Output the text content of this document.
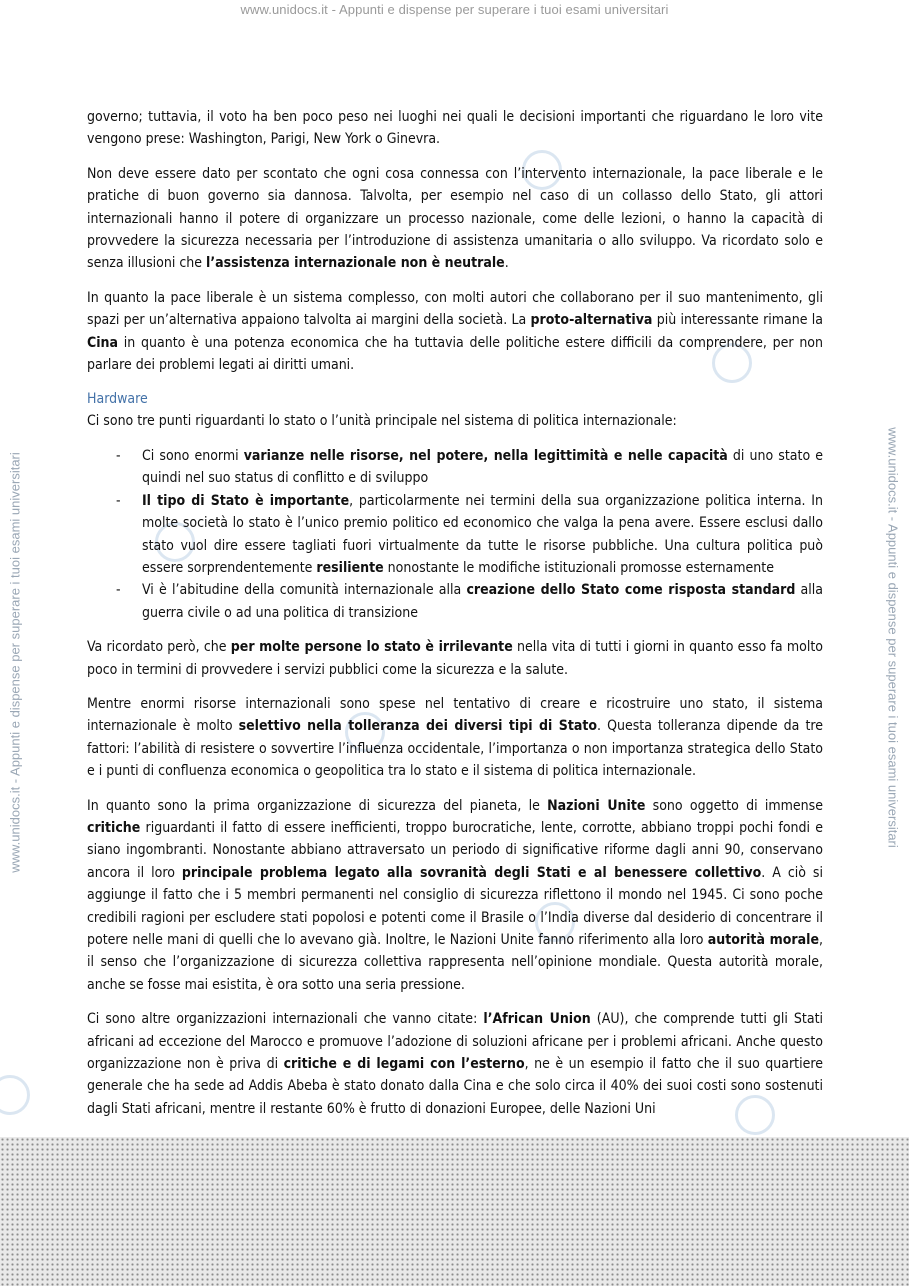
www.unidocs.it - Appunti e dispense per superare i tuoi esami universitari
www.unidocs.it - Appunti e dispense per superare i tuoi esami universitari	www.unidocs.it - Appunti e dispense per superare i tuoi esami universitari

governo; tuttavia, il voto ha ben poco peso nei luoghi nei quali le decisioni importanti che riguardano le loro vite vengono prese: Washington, Parigi, New York o Ginevra.

Non deve essere dato per scontato che ogni cosa connessa con l’intervento internazionale, la pace liberale e le pratiche di buon governo sia dannosa. Talvolta, per esempio nel caso di un collasso dello Stato, gli attori internazionali hanno il potere di organizzare un processo nazionale, come delle lezioni, o hanno la capacità di provvedere la sicurezza necessaria per l’introduzione di assistenza umanitaria o allo sviluppo. Va ricordato solo e senza illusioni che l’assistenza internazionale non è neutrale.

In quanto la pace liberale è un sistema complesso, con molti autori che collaborano per il suo mantenimento, gli spazi per un’alternativa appaiono talvolta ai margini della società. La proto-alternativa più interessante rimane la Cina in quanto è una potenza economica che ha tuttavia delle politiche estere difficili da comprendere, per non parlare dei problemi legati ai diritti umani.

Hardware

Ci sono tre punti riguardanti lo stato o l’unità principale nel sistema di politica internazionale:

- Ci sono enormi varianze nelle risorse, nel potere, nella legittimità e nelle capacità di uno stato e quindi nel suo status di conflitto e di sviluppo
- Il tipo di Stato è importante, particolarmente nei termini della sua organizzazione politica interna. In molte società lo stato è l’unico premio politico ed economico che valga la pena avere. Essere esclusi dallo stato vuol dire essere tagliati fuori virtualmente da tutte le risorse pubbliche. Una cultura politica può essere sorprendentemente resiliente nonostante le modifiche istituzionali promosse esternamente
- Vi è l’abitudine della comunità internazionale alla creazione dello Stato come risposta standard alla guerra civile o ad una politica di transizione

Va ricordato però, che per molte persone lo stato è irrilevante nella vita di tutti i giorni in quanto esso fa molto poco in termini di provvedere i servizi pubblici come la sicurezza e la salute.

Mentre enormi risorse internazionali sono spese nel tentativo di creare e ricostruire uno stato, il sistema internazionale è molto selettivo nella tolleranza dei diversi tipi di Stato. Questa tolleranza dipende da tre fattori: l’abilità di resistere o sovvertire l’influenza occidentale, l’importanza o non importanza strategica dello Stato e i punti di confluenza economica o geopolitica tra lo stato e il sistema di politica internazionale.

In quanto sono la prima organizzazione di sicurezza del pianeta, le Nazioni Unite sono oggetto di immense critiche riguardanti il fatto di essere inefficienti, troppo burocratiche, lente, corrotte, abbiano troppi pochi fondi e siano ingombranti. Nonostante abbiano attraversato un periodo di significative riforme dagli anni 90, conservano ancora il loro principale problema legato alla sovranità degli Stati e al benessere collettivo. A ciò si aggiunge il fatto che i 5 membri permanenti nel consiglio di sicurezza riflettono il mondo nel 1945. Ci sono poche credibili ragioni per escludere stati popolosi e potenti come il Brasile o l’India diverse dal desiderio di concentrare il potere nelle mani di quelli che lo avevano già. Inoltre, le Nazioni Unite fanno riferimento alla loro autorità morale, il senso che l’organizzazione di sicurezza collettiva rappresenta nell’opinione mondiale. Questa autorità morale, anche se fosse mai esistita, è ora sotto una seria pressione.

Ci sono altre organizzazioni internazionali che vanno citate: l’African Union (AU), che comprende tutti gli Stati africani ad eccezione del Marocco e promuove l’adozione di soluzioni africane per i problemi africani. Anche questo organizzazione non è priva di critiche e di legami con l’esterno, ne è un esempio il fatto che il suo quartiere generale che ha sede ad Addis Abeba è stato donato dalla Cina e che solo circa il 40% dei suoi costi sono sostenuti dagli Stati africani, mentre il restante 60% è frutto di donazioni Europee, delle Nazioni Uni
